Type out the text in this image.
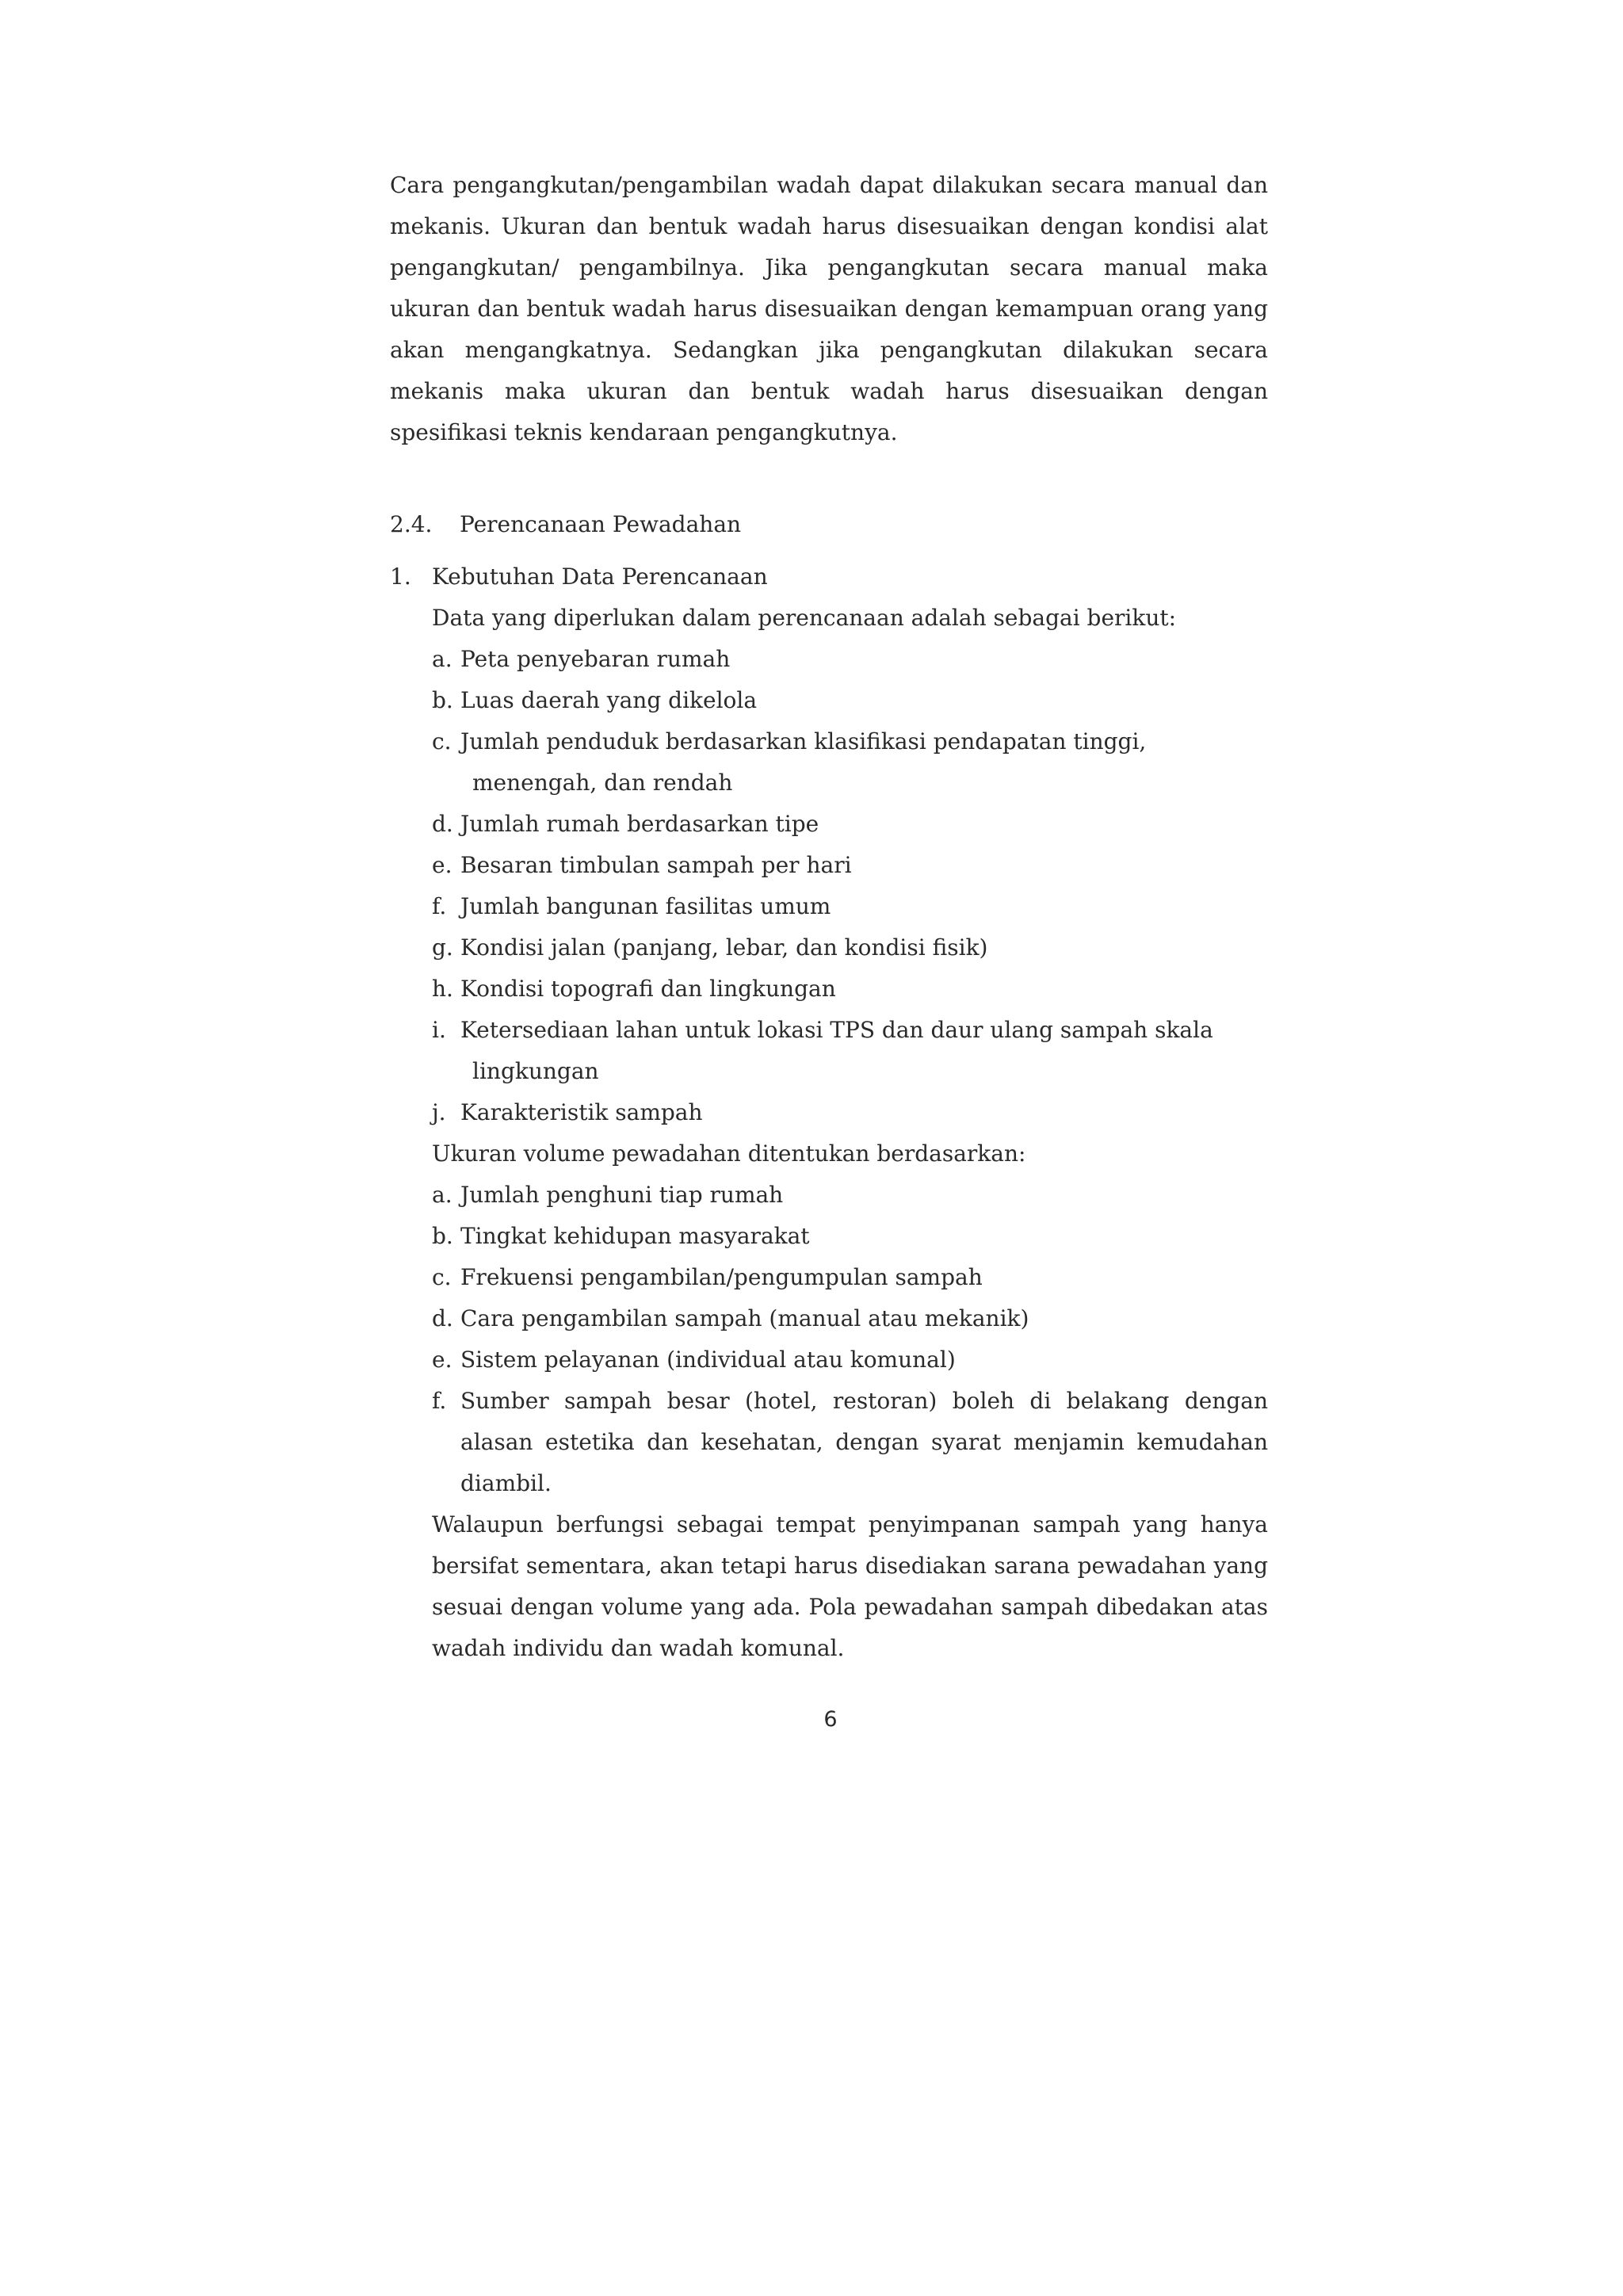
Cara pengangkutan/pengambilan wadah dapat dilakukan secara manual dan mekanis. Ukuran dan bentuk wadah harus disesuaikan dengan kondisi alat pengangkutan/ pengambilnya. Jika pengangkutan secara manual maka ukuran dan bentuk wadah harus disesuaikan dengan kemampuan orang yang akan mengangkatnya. Sedangkan jika pengangkutan dilakukan secara mekanis maka ukuran dan bentuk wadah harus disesuaikan dengan spesifikasi teknis kendaraan pengangkutnya.

2.4. Perencanaan Pewadahan
1. Kebutuhan Data Perencanaan
Data yang diperlukan dalam perencanaan adalah sebagai berikut:
a. Peta penyebaran rumah
b. Luas daerah yang dikelola
c. Jumlah penduduk berdasarkan klasifikasi pendapatan tinggi,
menengah, dan rendah
d. Jumlah rumah berdasarkan tipe
e. Besaran timbulan sampah per hari
f. Jumlah bangunan fasilitas umum
g. Kondisi jalan (panjang, lebar, dan kondisi fisik)
h. Kondisi topografi dan lingkungan
i. Ketersediaan lahan untuk lokasi TPS dan daur ulang sampah skala
lingkungan
j. Karakteristik sampah
Ukuran volume pewadahan ditentukan berdasarkan:
a. Jumlah penghuni tiap rumah
b. Tingkat kehidupan masyarakat
c. Frekuensi pengambilan/pengumpulan sampah
d. Cara pengambilan sampah (manual atau mekanik)
e. Sistem pelayanan (individual atau komunal)
f. Sumber sampah besar (hotel, restoran) boleh di belakang dengan alasan estetika dan kesehatan, dengan syarat menjamin kemudahan diambil.
Walaupun berfungsi sebagai tempat penyimpanan sampah yang hanya bersifat sementara, akan tetapi harus disediakan sarana pewadahan yang sesuai dengan volume yang ada. Pola pewadahan sampah dibedakan atas wadah individu dan wadah komunal.
6
